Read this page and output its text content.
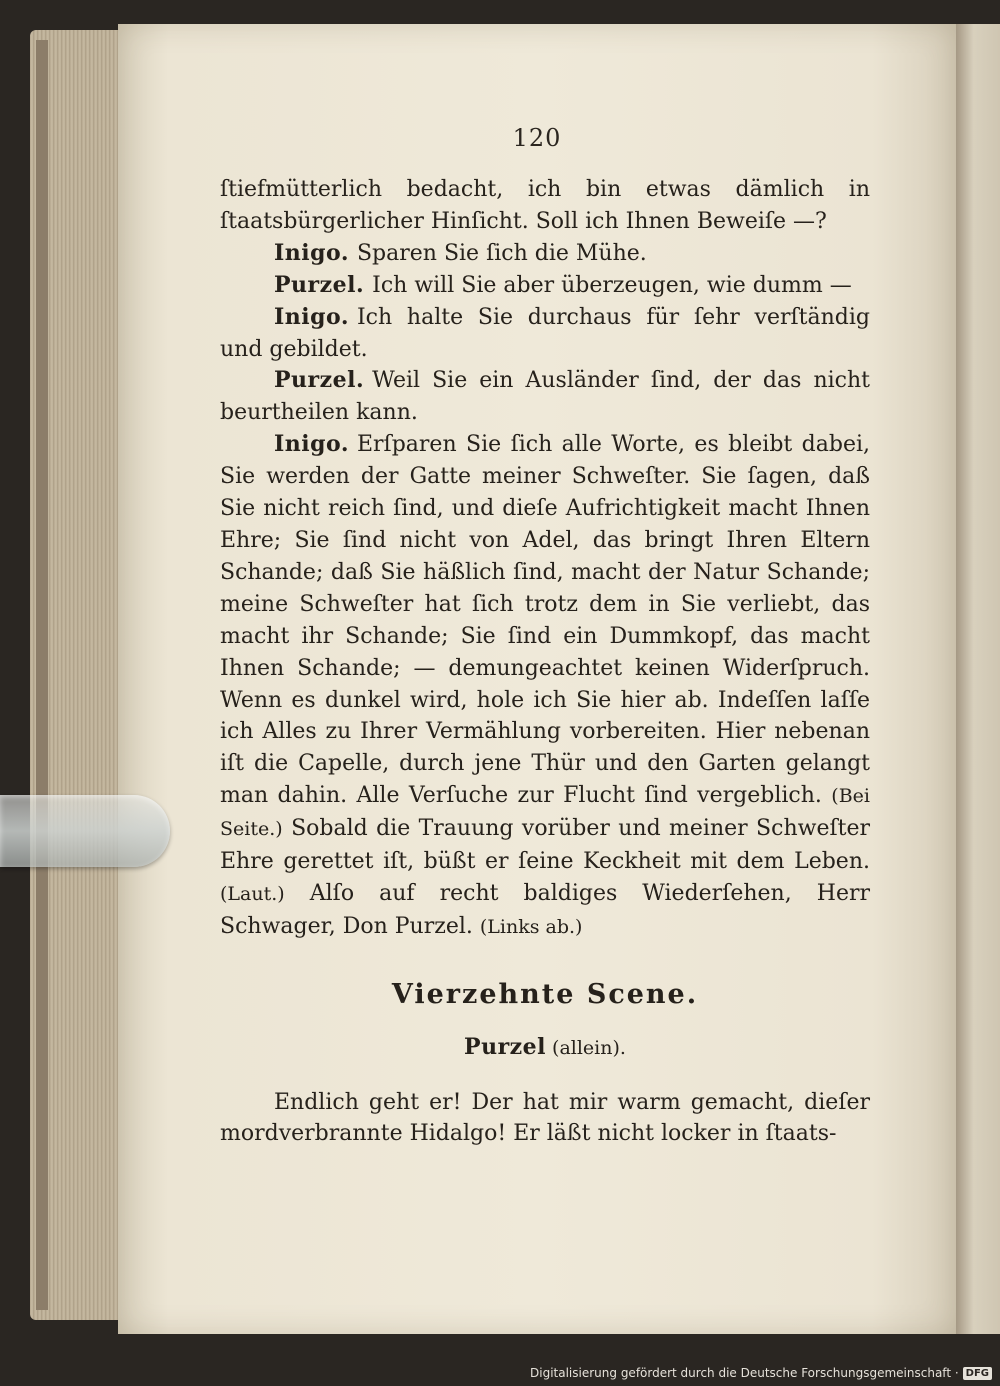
120

ſtiefmütterlich bedacht, ich bin etwas dämlich in ſtaatsbürgerlicher Hinſicht. Soll ich Ihnen Beweiſe —?

Inigo. Sparen Sie ſich die Mühe.

Purzel. Ich will Sie aber überzeugen, wie dumm —

Inigo. Ich halte Sie durchaus für ſehr verſtändig und gebildet.

Purzel. Weil Sie ein Ausländer ſind, der das nicht beurtheilen kann.

Inigo. Erſparen Sie ſich alle Worte, es bleibt dabei, Sie werden der Gatte meiner Schweſter. Sie ſagen, daß Sie nicht reich ſind, und dieſe Aufrichtigkeit macht Ihnen Ehre; Sie ſind nicht von Adel, das bringt Ihren Eltern Schande; daß Sie häßlich ſind, macht der Natur Schande; meine Schweſter hat ſich trotz dem in Sie verliebt, das macht ihr Schande; Sie ſind ein Dummkopf, das macht Ihnen Schande; — demungeachtet keinen Widerſpruch. Wenn es dunkel wird, hole ich Sie hier ab. Indeſſen laſſe ich Alles zu Ihrer Vermählung vorbereiten. Hier nebenan iſt die Capelle, durch jene Thür und den Garten gelangt man dahin. Alle Verſuche zur Flucht ſind vergeblich. (Bei Seite.) Sobald die Trauung vorüber und meiner Schweſter Ehre gerettet iſt, büßt er ſeine Keckheit mit dem Leben. (Laut.) Alſo auf recht baldiges Wiederſehen, Herr Schwager, Don Purzel. (Links ab.)

Vierzehnte Scene.
Purzel (allein).

Endlich geht er! Der hat mir warm gemacht, dieſer mordverbrannte Hidalgo! Er läßt nicht locker in ſtaats-

Digitalisierung gefördert durch die Deutsche Forschungsgemeinschaft · DFG
